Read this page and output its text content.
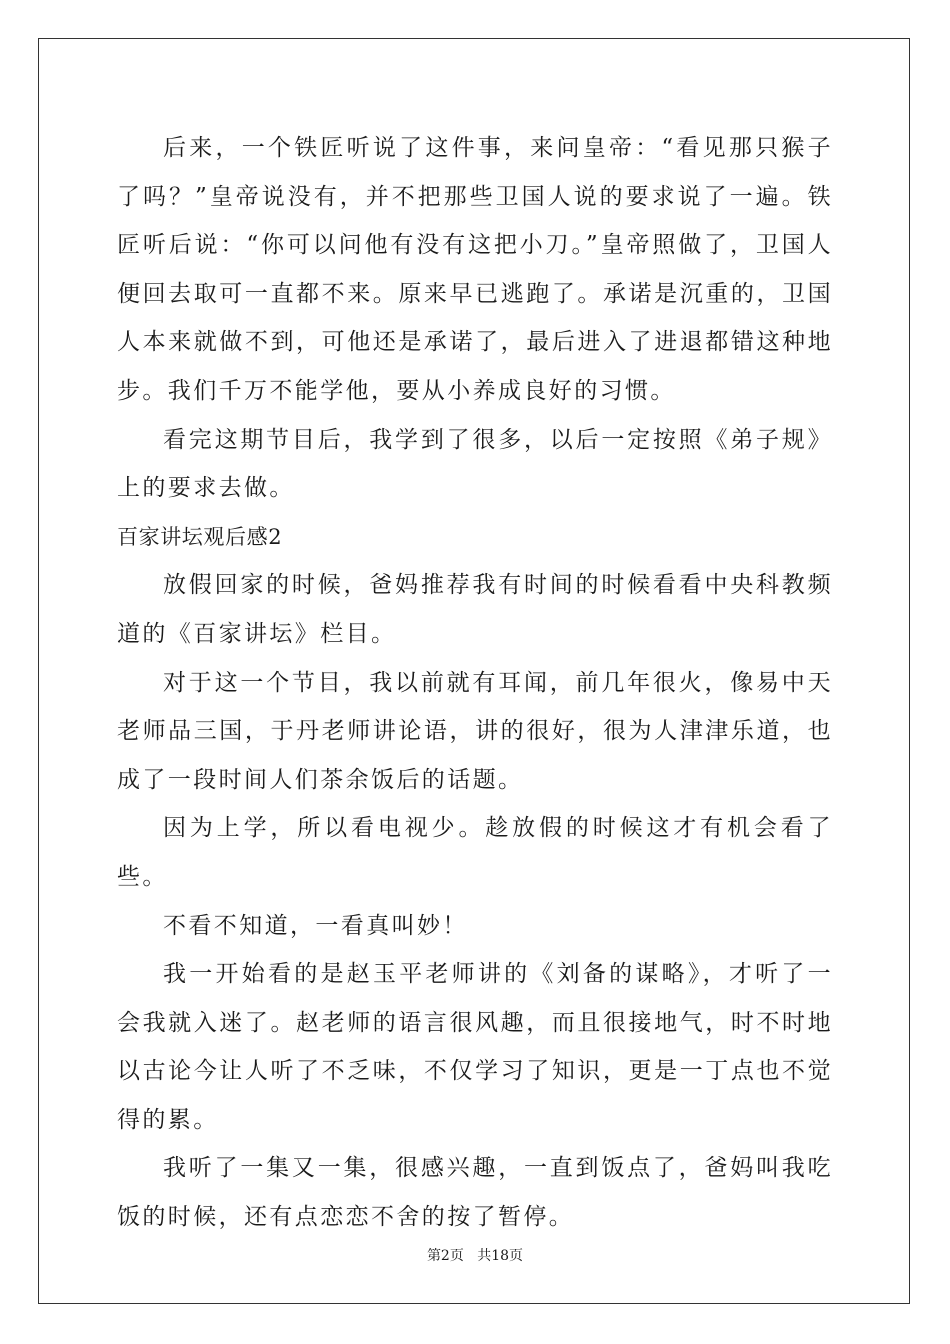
后来，一个铁匠听说了这件事，来问皇帝：“看见那只猴子了吗？”皇帝说没有，并不把那些卫国人说的要求说了一遍。铁匠听后说：“你可以问他有没有这把小刀。”皇帝照做了，卫国人便回去取可一直都不来。原来早已逃跑了。承诺是沉重的，卫国人本来就做不到，可他还是承诺了，最后进入了进退都错这种地步。我们千万不能学他，要从小养成良好的习惯。

看完这期节目后，我学到了很多，以后一定按照《弟子规》上的要求去做。

百家讲坛观后感2

放假回家的时候，爸妈推荐我有时间的时候看看中央科教频道的《百家讲坛》栏目。

对于这一个节目，我以前就有耳闻，前几年很火，像易中天老师品三国，于丹老师讲论语，讲的很好，很为人津津乐道，也成了一段时间人们茶余饭后的话题。

因为上学，所以看电视少。趁放假的时候这才有机会看了些。

不看不知道，一看真叫妙！

我一开始看的是赵玉平老师讲的《刘备的谋略》，才听了一会我就入迷了。赵老师的语言很风趣，而且很接地气，时不时地以古论今让人听了不乏味，不仅学习了知识，更是一丁点也不觉得的累。

我听了一集又一集，很感兴趣，一直到饭点了，爸妈叫我吃饭的时候，还有点恋恋不舍的按了暂停。

第2页 共18页
